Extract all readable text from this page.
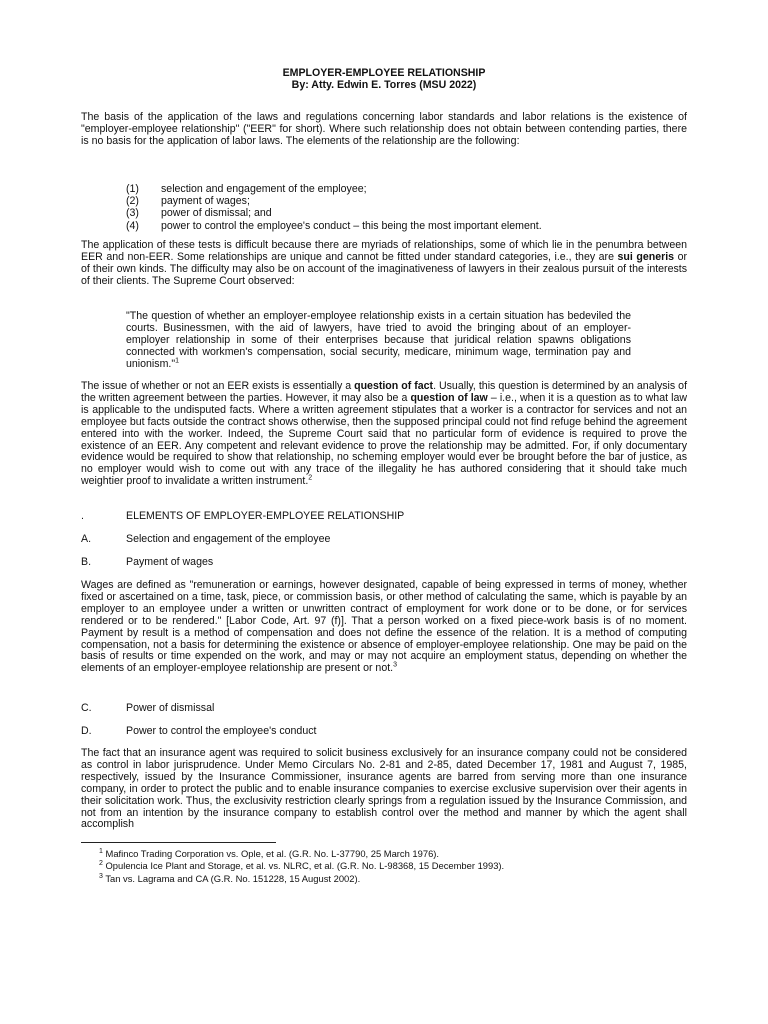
EMPLOYER-EMPLOYEE RELATIONSHIP
By: Atty. Edwin E. Torres (MSU 2022)

The basis of the application of the laws and regulations concerning labor standards and labor relations is the existence of "employer-employee relationship" ("EER" for short). Where such relationship does not obtain between contending parties, there is no basis for the application of labor laws. The elements of the relationship are the following:

(1)	selection and engagement of the employee;
(2)	payment of wages;
(3)	power of dismissal; and
(4)	power to control the employee's conduct – this being the most important element.

The application of these tests is difficult because there are myriads of relationships, some of which lie in the penumbra between EER and non-EER. Some relationships are unique and cannot be fitted under standard categories, i.e., they are sui generis or of their own kinds. The difficulty may also be on account of the imaginativeness of lawyers in their zealous pursuit of the interests of their clients. The Supreme Court observed:

"The question of whether an employer-employee relationship exists in a certain situation has bedeviled the courts. Businessmen, with the aid of lawyers, have tried to avoid the bringing about of an employer-employer relationship in some of their enterprises because that juridical relation spawns obligations connected with workmen's compensation, social security, medicare, minimum wage, termination pay and unionism."$^1$

The issue of whether or not an EER exists is essentially a question of fact. Usually, this question is determined by an analysis of the written agreement between the parties. However, it may also be a question of law – i.e., when it is a question as to what law is applicable to the undisputed facts. Where a written agreement stipulates that a worker is a contractor for services and not an employee but facts outside the contract shows otherwise, then the supposed principal could not find refuge behind the agreement entered into with the worker. Indeed, the Supreme Court said that no particular form of evidence is required to prove the existence of an EER. Any competent and relevant evidence to prove the relationship may be admitted. For, if only documentary evidence would be required to show that relationship, no scheming employer would ever be brought before the bar of justice, as no employer would wish to come out with any trace of the illegality he has authored considering that it should take much weightier proof to invalidate a written instrument.$^2$

.	ELEMENTS OF EMPLOYER-EMPLOYEE RELATIONSHIP
A.	Selection and engagement of the employee
B.	Payment of wages

Wages are defined as "remuneration or earnings, however designated, capable of being expressed in terms of money, whether fixed or ascertained on a time, task, piece, or commission basis, or other method of calculating the same, which is payable by an employer to an employee under a written or unwritten contract of employment for work done or to be done, or for services rendered or to be rendered." [Labor Code, Art. 97 (f)]. That a person worked on a fixed piece-work basis is of no moment. Payment by result is a method of compensation and does not define the essence of the relation. It is a method of computing compensation, not a basis for determining the existence or absence of employer-employee relationship. One may be paid on the basis of results or time expended on the work, and may or may not acquire an employment status, depending on whether the elements of an employer-employee relationship are present or not.$^3$

C.	Power of dismissal
D.	Power to control the employee's conduct

The fact that an insurance agent was required to solicit business exclusively for an insurance company could not be considered as control in labor jurisprudence. Under Memo Circulars No. 2-81 and 2-85, dated December 17, 1981 and August 7, 1985, respectively, issued by the Insurance Commissioner, insurance agents are barred from serving more than one insurance company, in order to protect the public and to enable insurance companies to exercise exclusive supervision over their agents in their solicitation work. Thus, the exclusivity restriction clearly springs from a regulation issued by the Insurance Commission, and not from an intention by the insurance company to establish control over the method and manner by which the agent shall accomplish

$^1$ Mafinco Trading Corporation vs. Ople, et al. (G.R. No. L-37790, 25 March 1976).
$^2$ Opulencia Ice Plant and Storage, et al. vs. NLRC, et al. (G.R. No. L-98368, 15 December 1993).
$^3$ Tan vs. Lagrama and CA (G.R. No. 151228, 15 August 2002).
